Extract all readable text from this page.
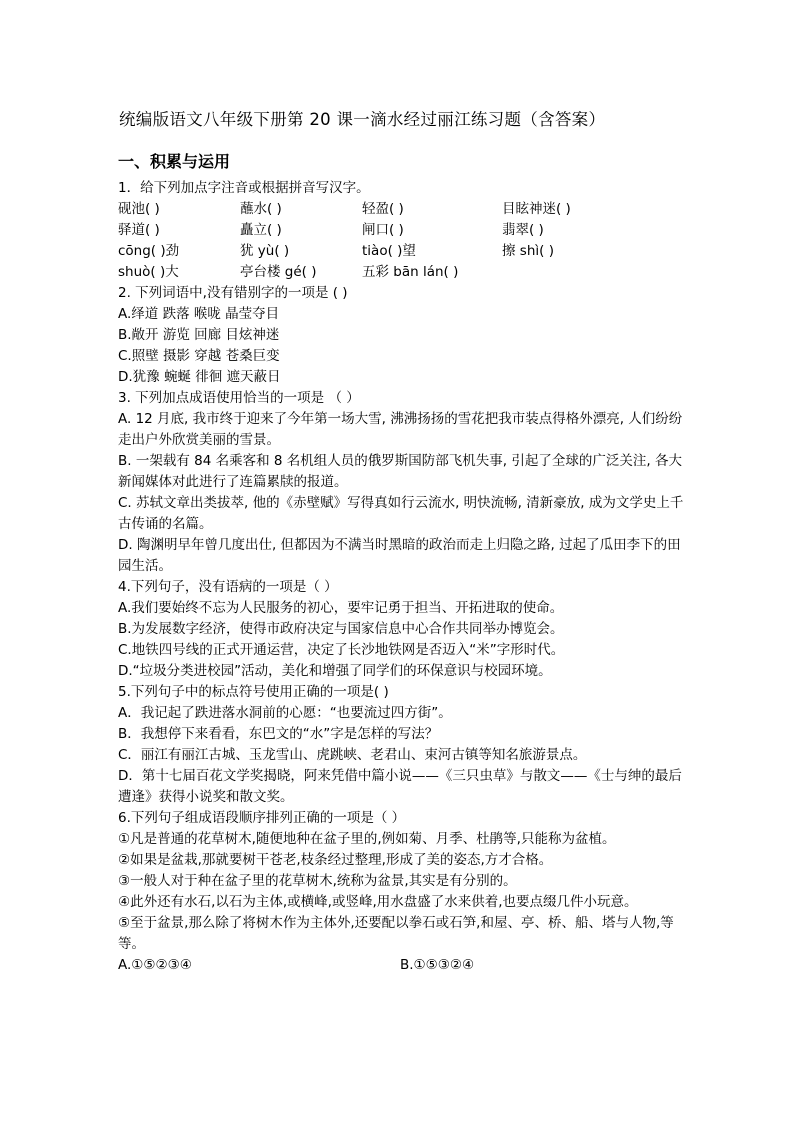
统编版语文八年级下册第 20 课一滴水经过丽江练习题（含答案）
一、积累与运用
1．给下列加点字注音或根据拼音写汉字。
砚池( )	蘸水( )	轻盈( )	目眩神迷( )
驿道( )	矗立( )	闸口( )	翡翠( )
cōng( )劲	犹 yù( )	tiào( )望	擦 shì( )
shuò( )大	亭台楼 gé( )	五彩 bān lán( )
2. 下列词语中,没有错别字的一项是 ( )
A.绎道 跌落 喉咙 晶莹夺目
B.敞开 游览 回廊 目炫神迷
C.照壁 摄影 穿越 苍桑巨变
D.犹豫 蜿蜒 徘徊 遮天蔽日
3. 下列加点成语使用恰当的一项是 （ ）
A. 12 月底, 我市终于迎来了今年第一场大雪, 沸沸扬扬的雪花把我市装点得格外漂亮, 人们纷纷走出户外欣赏美丽的雪景。
B. 一架载有 84 名乘客和 8 名机组人员的俄罗斯国防部飞机失事, 引起了全球的广泛关注, 各大新闻媒体对此进行了连篇累牍的报道。
C. 苏轼文章出类拔萃, 他的《赤壁赋》写得真如行云流水, 明快流畅, 清新豪放, 成为文学史上千古传诵的名篇。
D. 陶渊明早年曾几度出仕, 但都因为不满当时黑暗的政治而走上归隐之路, 过起了瓜田李下的田园生活。
4.下列句子，没有语病的一项是（ ）
A.我们要始终不忘为人民服务的初心，要牢记勇于担当、开拓进取的使命。
B.为发展数字经济，使得市政府决定与国家信息中心合作共同举办博览会。
C.地铁四号线的正式开通运营，决定了长沙地铁网是否迈入“米”字形时代。
D.“垃圾分类进校园”活动，美化和增强了同学们的环保意识与校园环境。
5.下列句子中的标点符号使用正确的一项是( )
A．我记起了跌进落水洞前的心愿：“也要流过四方街”。
B．我想停下来看看，东巴文的“水”字是怎样的写法？
C．丽江有丽江古城、玉龙雪山、虎跳峡、老君山、束河古镇等知名旅游景点。
D．第十七届百花文学奖揭晓，阿来凭借中篇小说——《三只虫草》与散文——《士与绅的最后遭逢》获得小说奖和散文奖。
6.下列句子组成语段顺序排列正确的一项是（ ）
①凡是普通的花草树木,随便地种在盆子里的,例如菊、月季、杜鹃等,只能称为盆植。
②如果是盆栽,那就要树干苍老,枝条经过整理,形成了美的姿态,方才合格。
③一般人对于种在盆子里的花草树木,统称为盆景,其实是有分别的。
④此外还有水石,以石为主体,或横峰,或竖峰,用水盘盛了水来供着,也要点缀几件小玩意。
⑤至于盆景,那么除了将树木作为主体外,还要配以拳石或石笋,和屋、亭、桥、船、塔与人物,等等。
A.①⑤②③④	B.①⑤③②④
